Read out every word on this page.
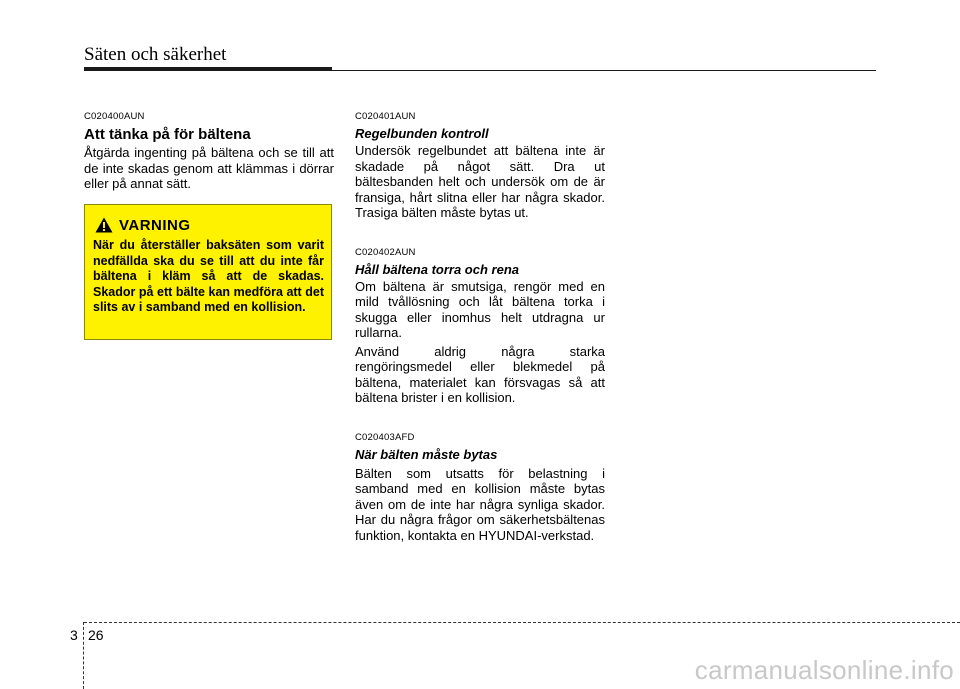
Säten och säkerhet

C020400AUN

Att tänka på för bältena

Åtgärda ingenting på bältena och se till att de inte skadas genom att klämmas i dörrar eller på annat sätt.

VARNING

När du återställer baksäten som varit nedfällda ska du se till att du inte får bältena i kläm så att de skadas. Skador på ett bälte kan medföra att det slits av i samband med en kollision.

C020401AUN

Regelbunden kontroll

Undersök regelbundet att bältena inte är skadade på något sätt. Dra ut bältesbanden helt och undersök om de är fransiga, hårt slitna eller har några skador. Trasiga bälten måste bytas ut.

C020402AUN

Håll bältena torra och rena

Om bältena är smutsiga, rengör med en mild tvållösning och låt bältena torka i skugga eller inomhus helt utdragna ur rullarna.

Använd aldrig några starka rengöringsmedel eller blekmedel på bältena, materialet kan försvagas så att bältena brister i en kollision.

C020403AFD

När bälten måste bytas

Bälten som utsatts för belastning i samband med en kollision måste bytas även om de inte har några synliga skador. Har du några frågor om säkerhetsbältenas funktion, kontakta en HYUNDAI-verkstad.

3 26
carmanualsonline.info
